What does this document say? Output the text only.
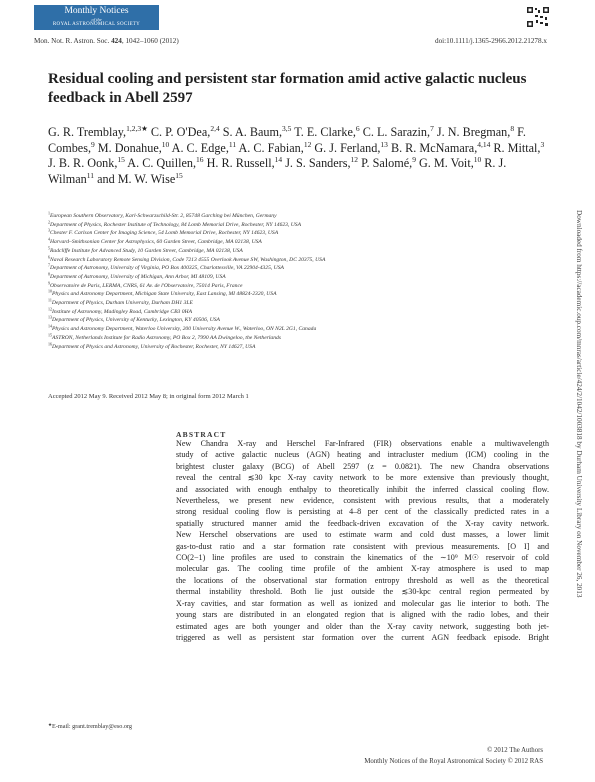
Monthly Notices
of the
ROYAL ASTRONOMICAL SOCIETY
Mon. Not. R. Astron. Soc. 424, 1042–1060 (2012)	doi:10.1111/j.1365-2966.2012.21278.x
Residual cooling and persistent star formation amid active galactic nucleus feedback in Abell 2597
G. R. Tremblay,$^{1,2,3★}$ C. P. O'Dea,$^{2,4}$ S. A. Baum,$^{3,5}$ T. E. Clarke,$^6$ C. L. Sarazin,$^7$ J. N. Bregman,$^8$ F. Combes,$^9$ M. Donahue,$^{10}$ A. C. Edge,$^{11}$ A. C. Fabian,$^{12}$ G. J. Ferland,$^{13}$ B. R. McNamara,$^{4,14}$ R. Mittal,$^3$ J. B. R. Oonk,$^{15}$ A. C. Quillen,$^{16}$ H. R. Russell,$^{14}$ J. S. Sanders,$^{12}$ P. Salomé,$^9$ G. M. Voit,$^{10}$ R. J. Wilman$^{11}$ and M. W. Wise$^{15}$
$^1$European Southern Observatory, Karl-Schwarzschild-Str. 2, 85748 Garching bei München, Germany
$^2$Department of Physics, Rochester Institute of Technology, 84 Lomb Memorial Drive, Rochester, NY 14623, USA
$^3$Chester F. Carlson Center for Imaging Science, 54 Lomb Memorial Drive, Rochester, NY 14623, USA
$^4$Harvard–Smithsonian Center for Astrophysics, 60 Garden Street, Cambridge, MA 02138, USA
$^5$Radcliffe Institute for Advanced Study, 10 Garden Street, Cambridge, MA 02138, USA
$^6$Naval Research Laboratory Remote Sensing Division, Code 7213 4555 Overlook Avenue SW, Washington, DC 20375, USA
$^7$Department of Astronomy, University of Virginia, PO Box 400325, Charlottesville, VA 22904-4325, USA
$^8$Department of Astronomy, University of Michigan, Ann Arbor, MI 48109, USA
$^9$Observatoire de Paris, LERMA, CNRS, 61 Av. de l'Observatoire, 75014 Paris, France
$^{10}$Physics and Astronomy Department, Michigan State University, East Lansing, MI 48824-2320, USA
$^{11}$Department of Physics, Durham University, Durham DH1 3LE
$^{12}$Institute of Astronomy, Madingley Road, Cambridge CB3 0HA
$^{13}$Department of Physics, University of Kentucky, Lexington, KY 40506, USA
$^{14}$Physics and Astronomy Department, Waterloo University, 200 University Avenue W., Waterloo, ON N2L 2G1, Canada
$^{15}$ASTRON, Netherlands Institute for Radio Astronomy, PO Box 2, 7990 AA Dwingeloo, the Netherlands
$^{16}$Department of Physics and Astronomy, University of Rochester, Rochester, NY 14627, USA
Accepted 2012 May 9. Received 2012 May 8; in original form 2012 March 1
ABSTRACT
New Chandra X-ray and Herschel Far-Infrared (FIR) observations enable a multiwavelength
study of active galactic nucleus (AGN) heating and intracluster medium (ICM) cooling in the
brightest cluster galaxy (BCG) of Abell 2597 (z = 0.0821). The new Chandra observations
reveal the central ≲30 kpc X-ray cavity network to be more extensive than previously thought,
and associated with enough enthalpy to theoretically inhibit the inferred classical cooling flow.
Nevertheless, we present new evidence, consistent with previous results, that a moderately
strong residual cooling flow is persisting at 4–8 per cent of the classically predicted rates in a
spatially structured manner amid the feedback-driven excavation of the X-ray cavity network.
New Herschel observations are used to estimate warm and cold dust masses, a lower limit
gas-to-dust ratio and a star formation rate consistent with previous measurements. [O I] and
CO(2−1) line profiles are used to constrain the kinematics of the ∼10⁹ M☉ reservoir of cold
molecular gas. The cooling time profile of the ambient X-ray atmosphere is used to map
the locations of the observational star formation entropy threshold as well as the theoretical
thermal instability threshold. Both lie just outside the ≲30-kpc central region permeated by
X-ray cavities, and star formation as well as ionized and molecular gas lie interior to both. The
young stars are distributed in an elongated region that is aligned with the radio lobes, and their
estimated ages are both younger and older than the X-ray cavity network, suggesting both jet-
triggered as well as persistent star formation over the current AGN feedback episode. Bright
★E-mail: grant.tremblay@eso.org
© 2012 The Authors
Monthly Notices of the Royal Astronomical Society © 2012 RAS
Downloaded from https://academic.oup.com/mnras/article/424/2/1042/1003818 by Durham University Library on November 26, 2013
